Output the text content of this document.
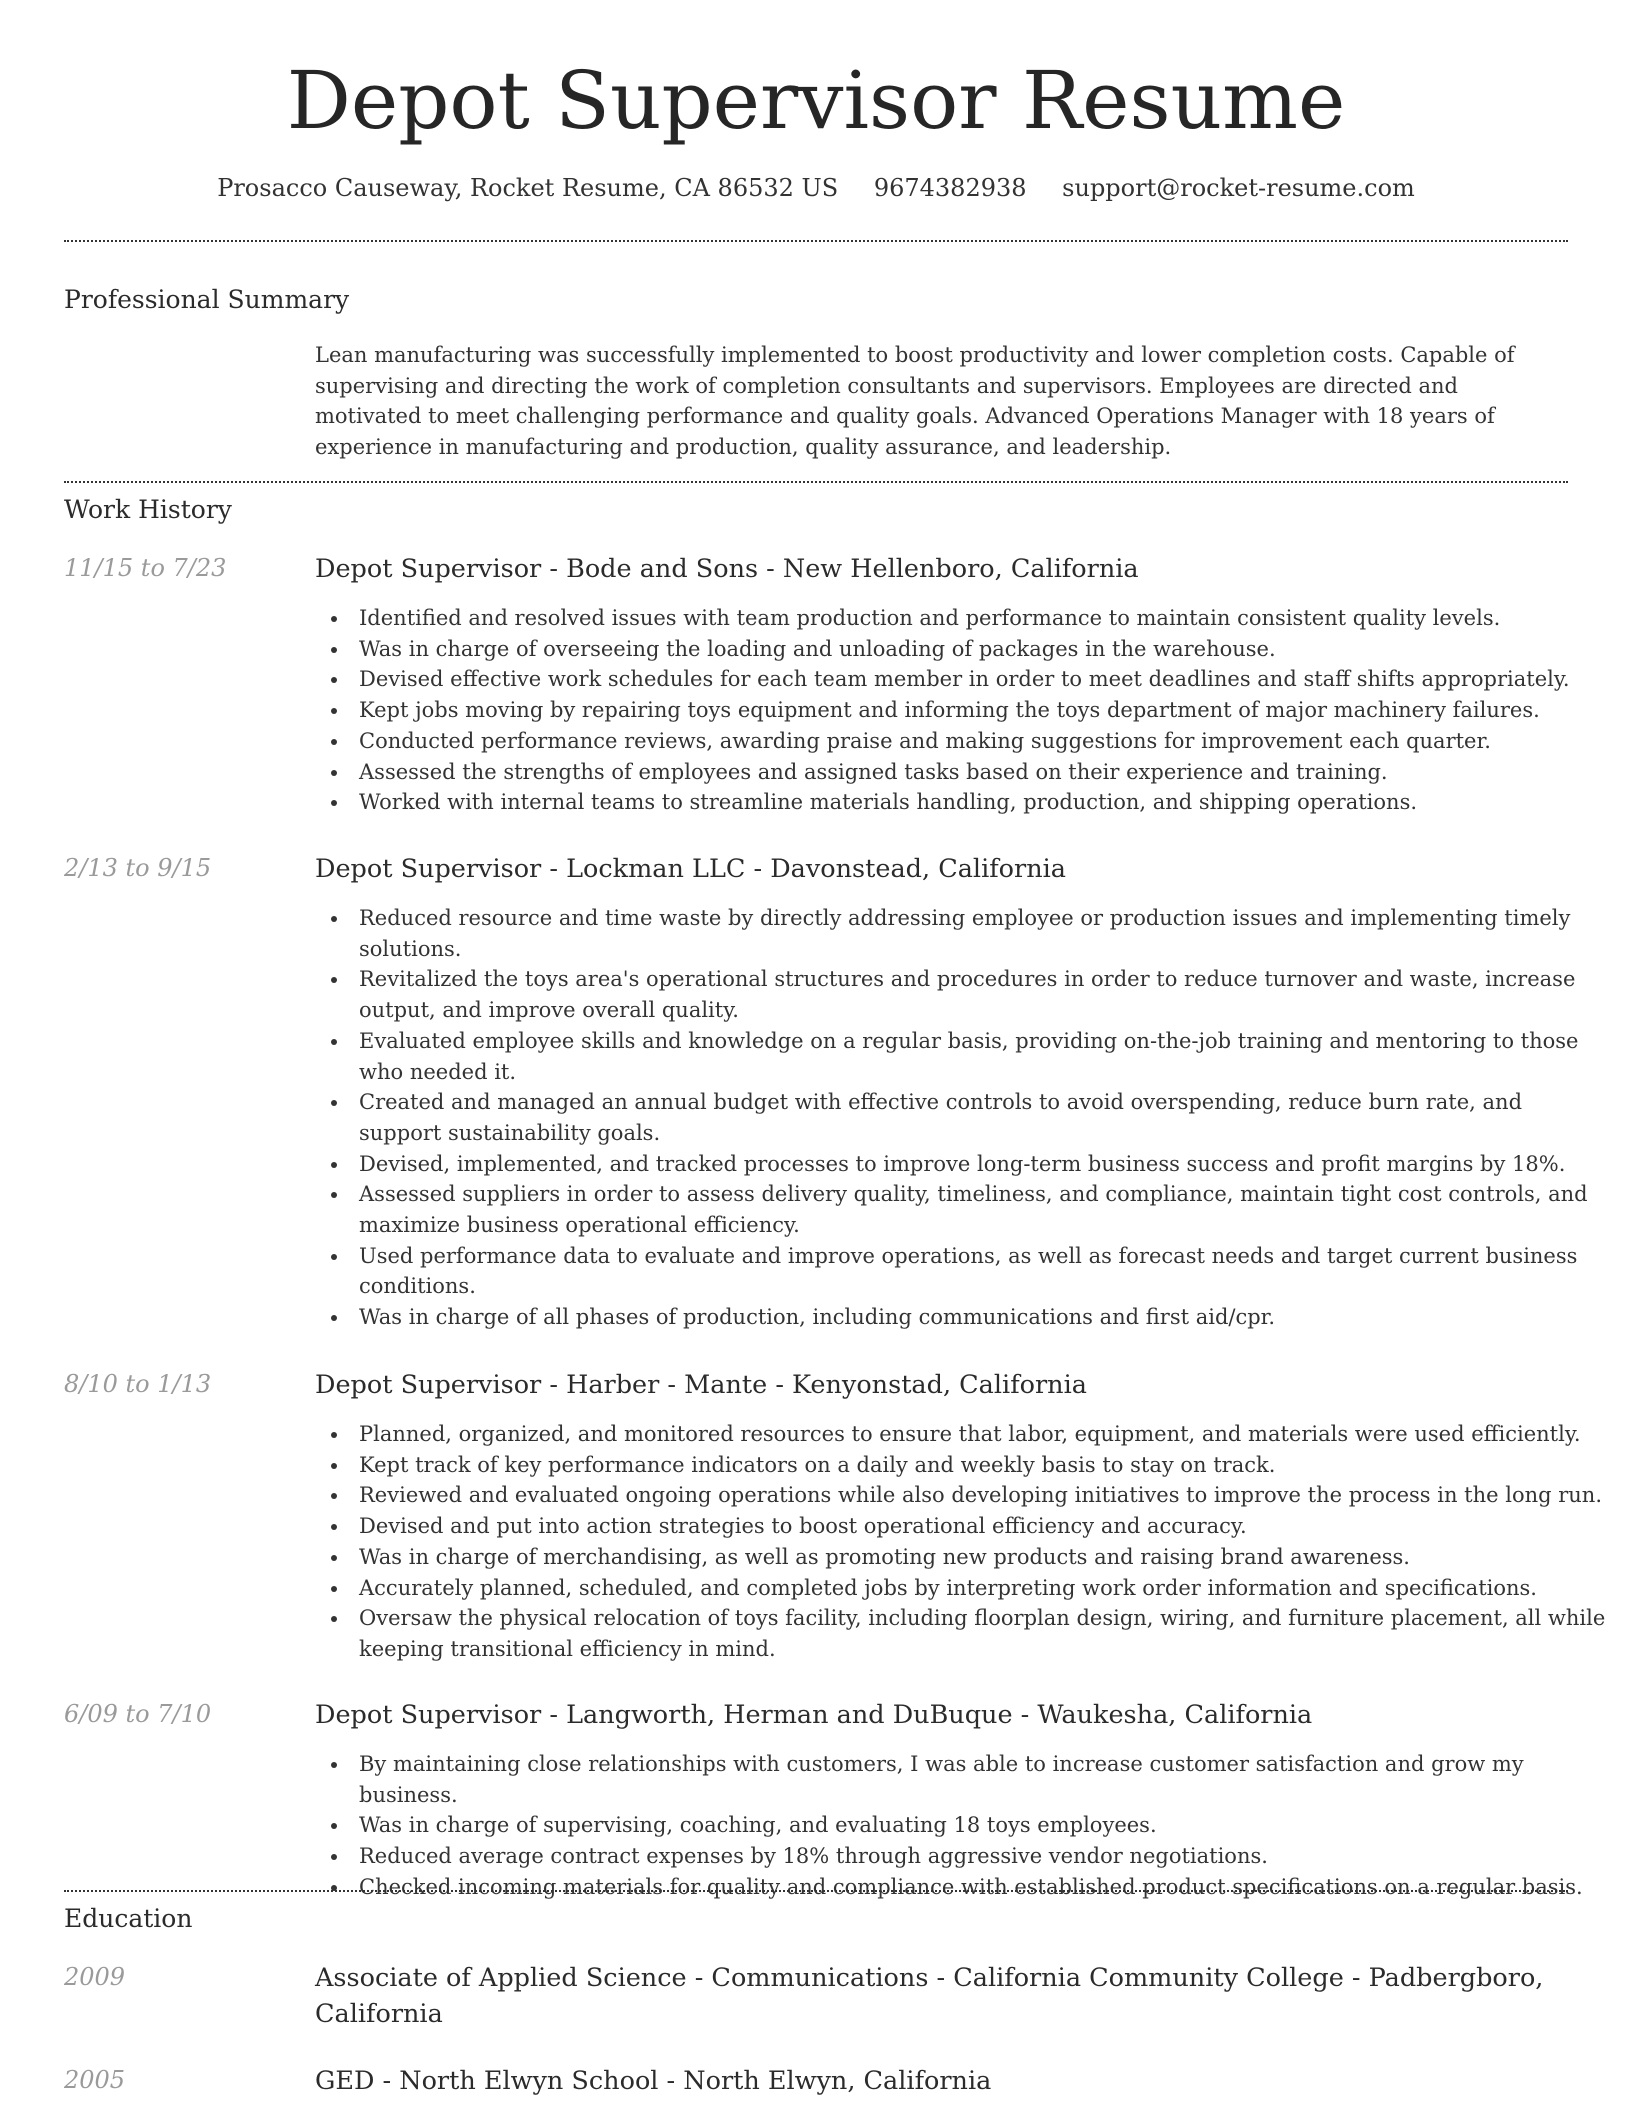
Depot Supervisor Resume
Prosacco Causeway, Rocket Resume, CA 86532 US 9674382938 support@rocket-resume.com
Professional Summary

Lean manufacturing was successfully implemented to boost productivity and lower completion costs. Capable of supervising and directing the work of completion consultants and supervisors. Employees are directed and motivated to meet challenging performance and quality goals. Advanced Operations Manager with 18 years of experience in manufacturing and production, quality assurance, and leadership.

Work History
11/15 to 7/23	Depot Supervisor - Bode and Sons - New Hellenboro, California
Identified and resolved issues with team production and performance to maintain consistent quality levels.
Was in charge of overseeing the loading and unloading of packages in the warehouse.
Devised effective work schedules for each team member in order to meet deadlines and staff shifts appropriately.
Kept jobs moving by repairing toys equipment and informing the toys department of major machinery failures.
Conducted performance reviews, awarding praise and making suggestions for improvement each quarter.
Assessed the strengths of employees and assigned tasks based on their experience and training.
Worked with internal teams to streamline materials handling, production, and shipping operations.
2/13 to 9/15	Depot Supervisor - Lockman LLC - Davonstead, California
Reduced resource and time waste by directly addressing employee or production issues and implementing timely solutions.
Revitalized the toys area's operational structures and procedures in order to reduce turnover and waste, increase output, and improve overall quality.
Evaluated employee skills and knowledge on a regular basis, providing on-the-job training and mentoring to those who needed it.
Created and managed an annual budget with effective controls to avoid overspending, reduce burn rate, and support sustainability goals.
Devised, implemented, and tracked processes to improve long-term business success and profit margins by 18%.
Assessed suppliers in order to assess delivery quality, timeliness, and compliance, maintain tight cost controls, and maximize business operational efficiency.
Used performance data to evaluate and improve operations, as well as forecast needs and target current business conditions.
Was in charge of all phases of production, including communications and first aid/cpr.
8/10 to 1/13	Depot Supervisor - Harber - Mante - Kenyonstad, California
Planned, organized, and monitored resources to ensure that labor, equipment, and materials were used efficiently.
Kept track of key performance indicators on a daily and weekly basis to stay on track.
Reviewed and evaluated ongoing operations while also developing initiatives to improve the process in the long run.
Devised and put into action strategies to boost operational efficiency and accuracy.
Was in charge of merchandising, as well as promoting new products and raising brand awareness.
Accurately planned, scheduled, and completed jobs by interpreting work order information and specifications.
Oversaw the physical relocation of toys facility, including floorplan design, wiring, and furniture placement, all while keeping transitional efficiency in mind.
6/09 to 7/10	Depot Supervisor - Langworth, Herman and DuBuque - Waukesha, California
By maintaining close relationships with customers, I was able to increase customer satisfaction and grow my business.
Was in charge of supervising, coaching, and evaluating 18 toys employees.
Reduced average contract expenses by 18% through aggressive vendor negotiations.
Checked incoming materials for quality and compliance with established product specifications on a regular basis.
Education
2009	Associate of Applied Science - Communications - California Community College - Padbergboro, California
2005	GED - North Elwyn School - North Elwyn, California
